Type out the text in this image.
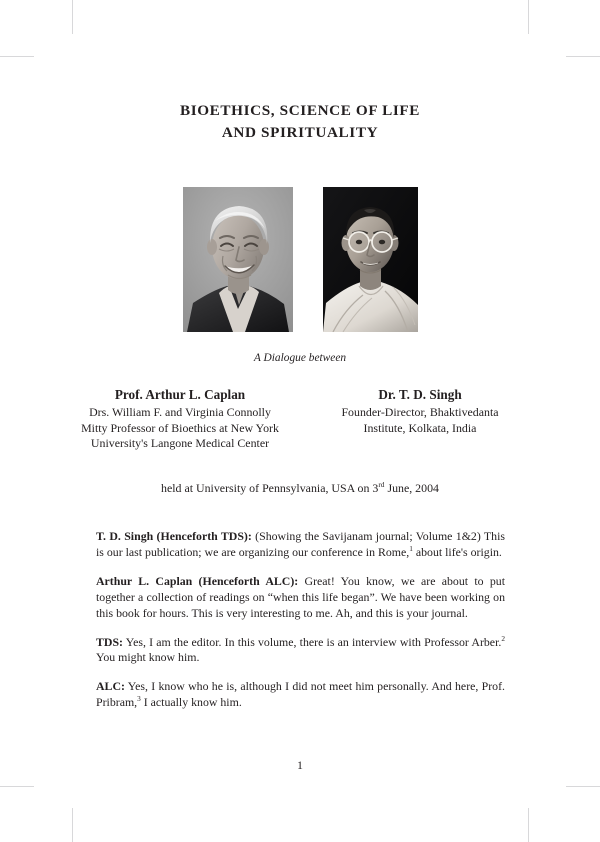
BIOETHICS, SCIENCE OF LIFE
AND SPIRITUALITY
A Dialogue between
Prof. Arthur L. Caplan
Drs. William F. and Virginia Connolly Mitty Professor of Bioethics at New York University's Langone Medical Center
Dr. T. D. Singh
Founder-Director, Bhaktivedanta Institute, Kolkata, India
held at University of Pennsylvania, USA on 3rd June, 2004

T. D. Singh (Henceforth TDS): (Showing the Savijanam journal; Volume 1&2) This is our last publication; we are organizing our conference in Rome,$^1$ about life's origin.

Arthur L. Caplan (Henceforth ALC): Great! You know, we are about to put together a collection of readings on “when this life began”. We have been working on this book for hours. This is very interesting to me. Ah, and this is your journal.

TDS: Yes, I am the editor. In this volume, there is an interview with Professor Arber.$^2$ You might know him.

ALC: Yes, I know who he is, although I did not meet him personally. And here, Prof. Pribram,$^3$ I actually know him.

1
